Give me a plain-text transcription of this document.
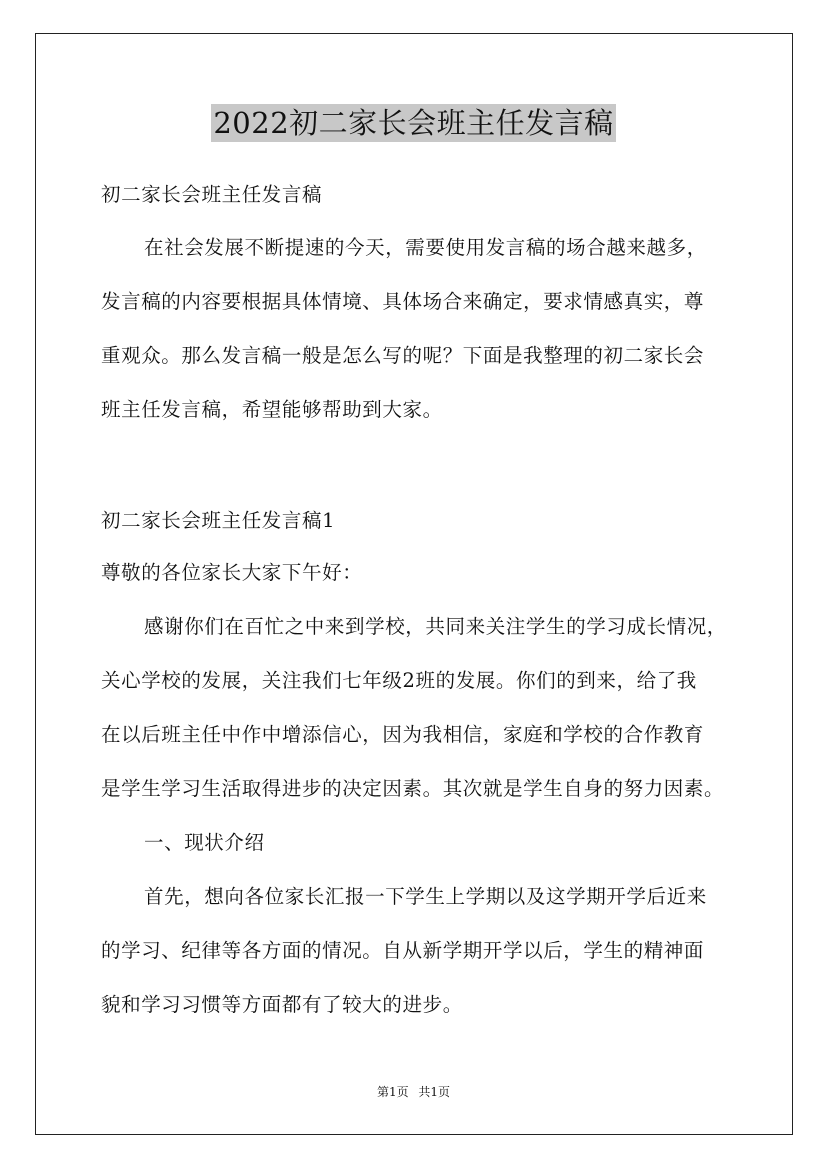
2022初二家长会班主任发言稿
初二家长会班主任发言稿
在社会发展不断提速的今天，需要使用发言稿的场合越来越多，
发言稿的内容要根据具体情境、具体场合来确定，要求情感真实，尊
重观众。那么发言稿一般是怎么写的呢？下面是我整理的初二家长会
班主任发言稿，希望能够帮助到大家。
初二家长会班主任发言稿1
尊敬的各位家长大家下午好：
感谢你们在百忙之中来到学校，共同来关注学生的学习成长情况，
关心学校的发展，关注我们七年级2班的发展。你们的到来，给了我
在以后班主任中作中增添信心，因为我相信，家庭和学校的合作教育
是学生学习生活取得进步的决定因素。其次就是学生自身的努力因素。
一、现状介绍
首先，想向各位家长汇报一下学生上学期以及这学期开学后近来
的学习、纪律等各方面的情况。自从新学期开学以后，学生的精神面
貌和学习习惯等方面都有了较大的进步。
第1页 共1页
